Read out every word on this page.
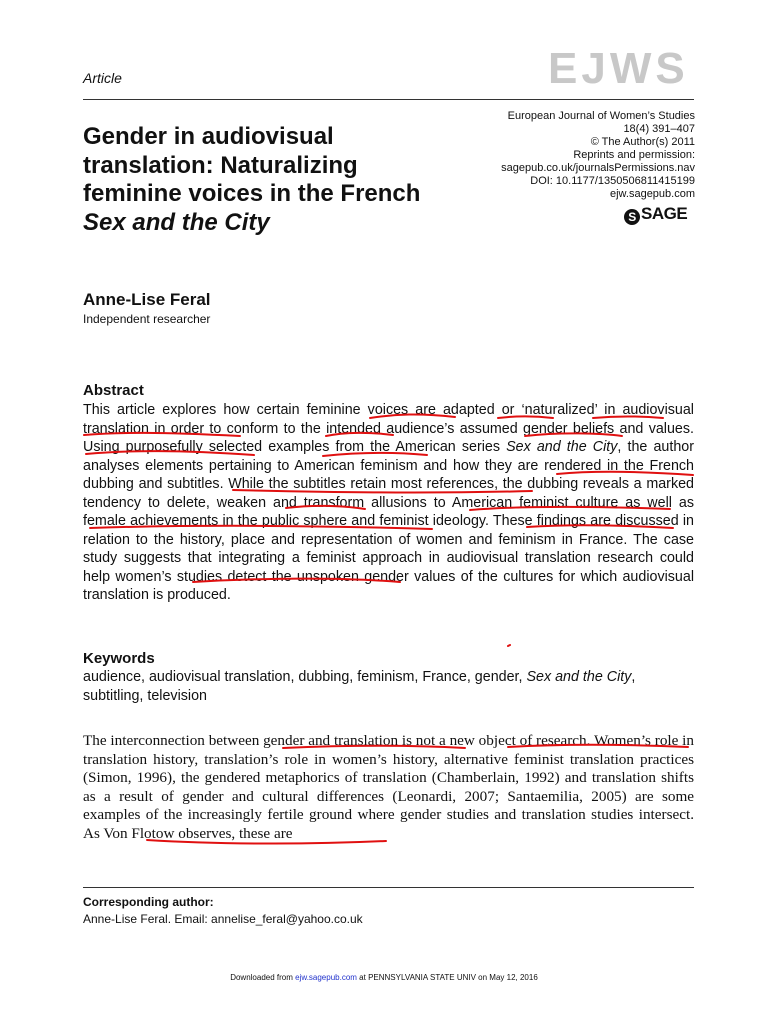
Article	EJWS
European Journal of Women’s Studies
18(4) 391–407
© The Author(s) 2011
Reprints and permission:
sagepub.co.uk/journalsPermissions.nav
DOI: 10.1177/1350506811415199
ejw.sagepub.com
S SAGE
Gender in audiovisual translation: Naturalizing feminine voices in the French Sex and the City
Anne-Lise Feral
Independent researcher
Abstract

This article explores how certain feminine voices are adapted or ‘naturalized’ in audiovisual translation in order to conform to the intended audience’s assumed gender beliefs and values. Using purposefully selected examples from the American series Sex and the City, the author analyses elements pertaining to American feminism and how they are rendered in the French dubbing and subtitles. While the subtitles retain most references, the dubbing reveals a marked tendency to delete, weaken and transform allusions to American feminist culture as well as female achievements in the public sphere and feminist ideology. These findings are discussed in relation to the history, place and representation of women and feminism in France. The case study suggests that integrating a feminist approach in audiovisual translation research could help women’s studies detect the unspoken gender values of the cultures for which audiovisual translation is produced.

Keywords

audience, audiovisual translation, dubbing, feminism, France, gender, Sex and the City, subtitling, television

The interconnection between gender and translation is not a new object of research. Women’s role in translation history, translation’s role in women’s history, alternative feminist translation practices (Simon, 1996), the gendered metaphorics of translation (Chamberlain, 1992) and translation shifts as a result of gender and cultural differences (Leonardi, 2007; Santaemilia, 2005) are some examples of the increasingly fertile ground where gender studies and translation studies intersect. As Von Flotow observes, these are

Corresponding author:
Anne-Lise Feral. Email: annelise_feral@yahoo.co.uk
Downloaded from ejw.sagepub.com at PENNSYLVANIA STATE UNIV on May 12, 2016
